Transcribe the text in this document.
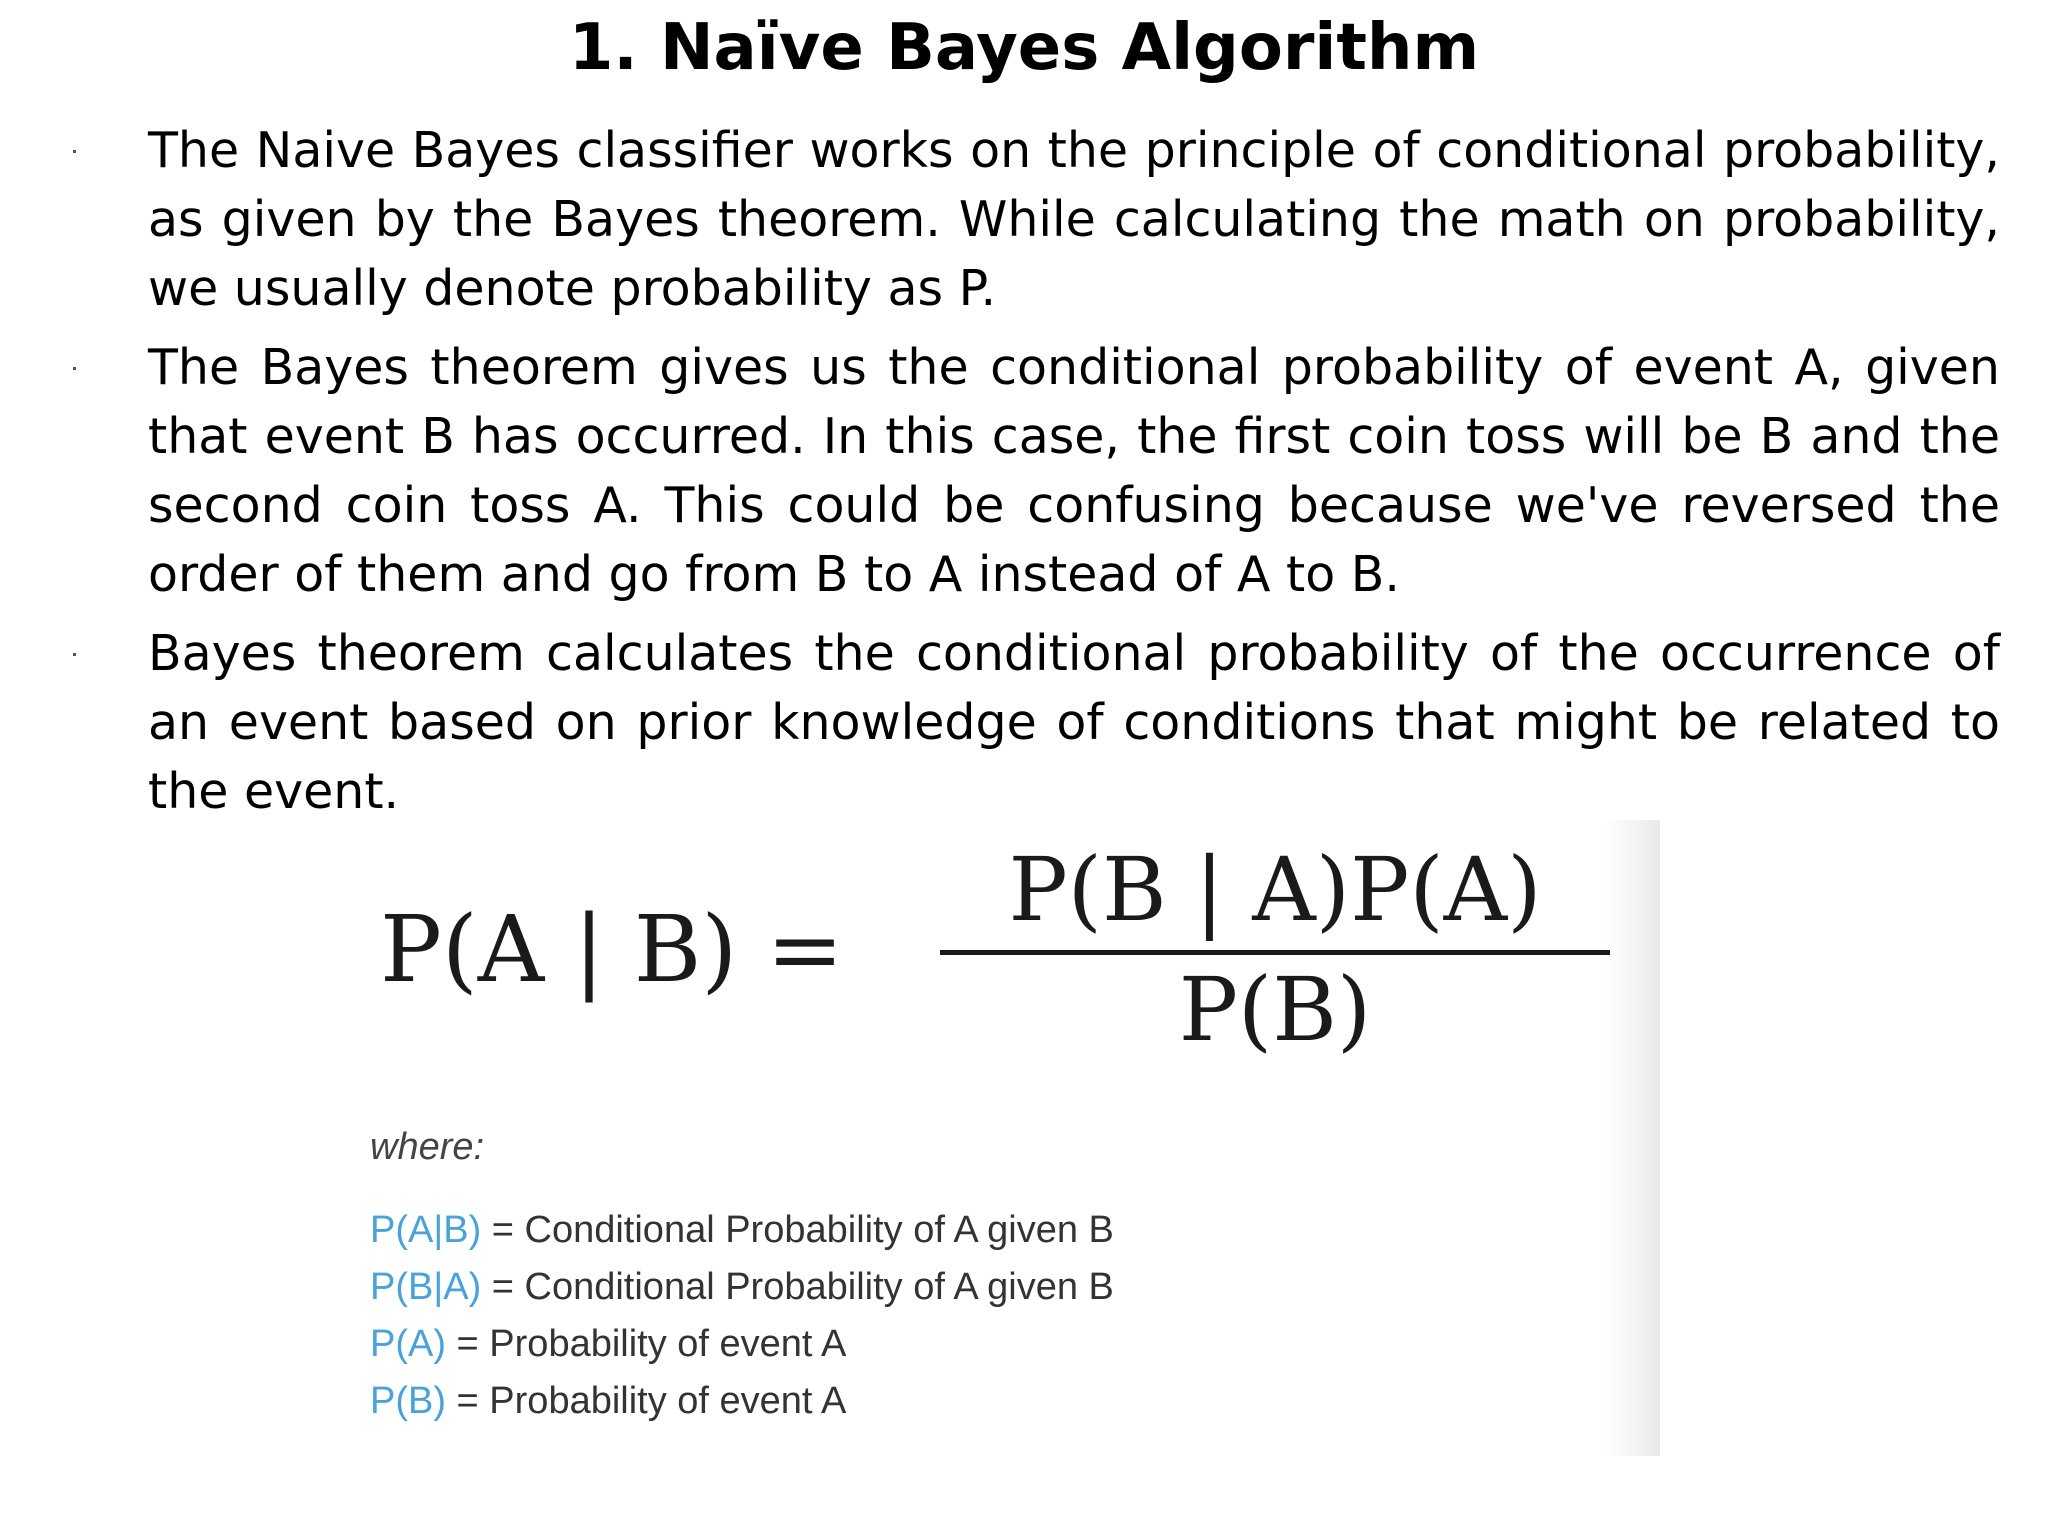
1. Naïve Bayes Algorithm
The Naive Bayes classifier works on the principle of conditional probability, as given by the Bayes theorem. While calculating the math on probability, we usually denote probability as P.
The Bayes theorem gives us the conditional probability of event A, given that event B has occurred. In this case, the first coin toss will be B and the second coin toss A. This could be confusing because we've reversed the order of them and go from B to A instead of A to B.
Bayes theorem calculates the conditional probability of the occurrence of an event based on prior knowledge of conditions that might be related to the event.
P(A | B) =
P(B | A)P(A)
P(B)
where:
P(A|B) = Conditional Probability of A given B
P(B|A) = Conditional Probability of A given B
P(A) = Probability of event A
P(B) = Probability of event A
